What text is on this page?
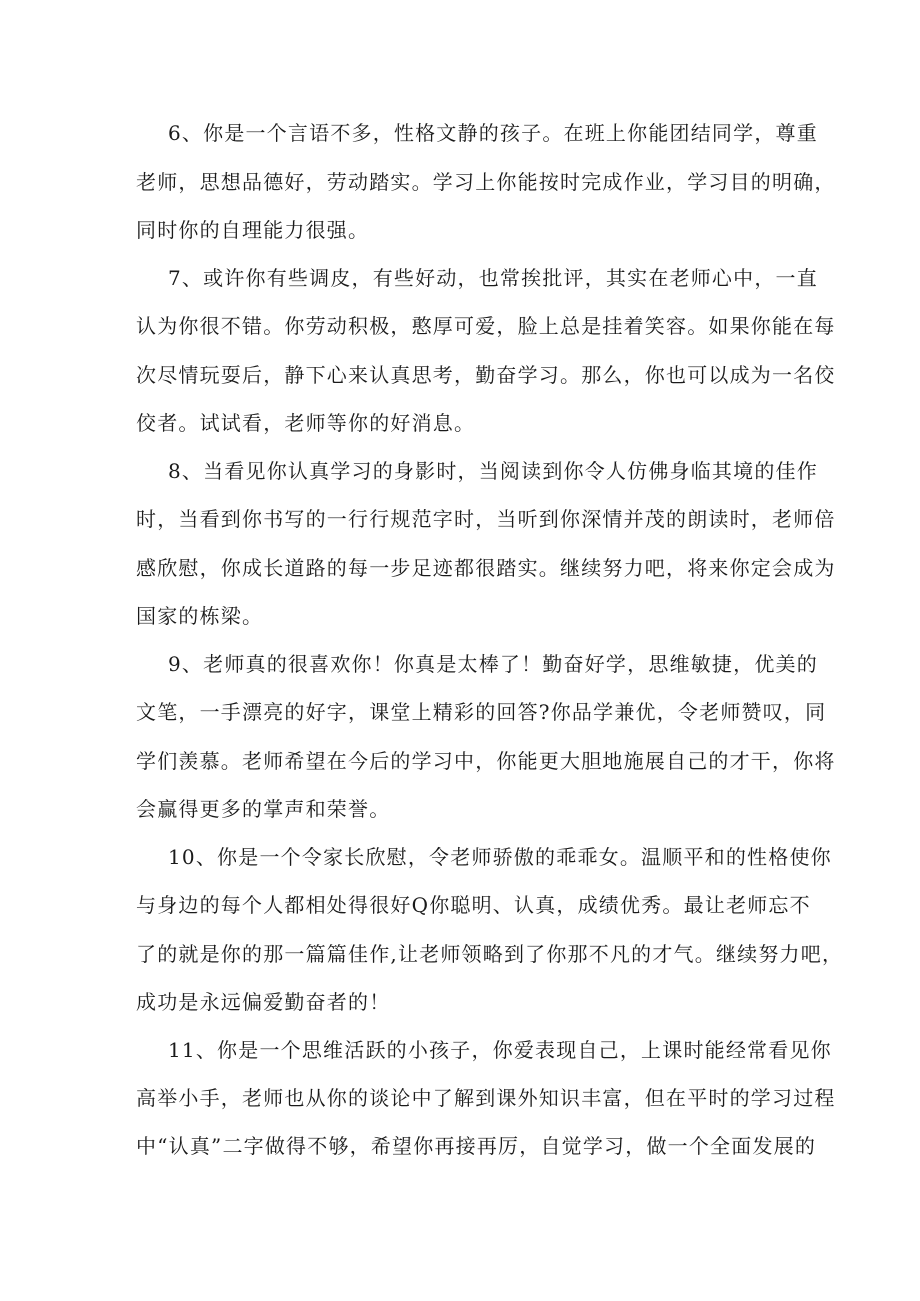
6、你是一个言语不多，性格文静的孩子。在班上你能团结同学，尊重

老师，思想品德好，劳动踏实。学习上你能按时完成作业，学习目的明确，

同时你的自理能力很强。

7、或许你有些调皮，有些好动，也常挨批评，其实在老师心中，一直

认为你很不错。你劳动积极，憨厚可爱，脸上总是挂着笑容。如果你能在每

次尽情玩耍后，静下心来认真思考，勤奋学习。那么，你也可以成为一名佼

佼者。试试看，老师等你的好消息。

8、当看见你认真学习的身影时，当阅读到你令人仿佛身临其境的佳作

时，当看到你书写的一行行规范字时，当听到你深情并茂的朗读时，老师倍

感欣慰，你成长道路的每一步足迹都很踏实。继续努力吧，将来你定会成为

国家的栋梁。

9、老师真的很喜欢你！你真是太棒了！勤奋好学，思维敏捷，优美的

文笔，一手漂亮的好字，课堂上精彩的回答?你品学兼优，令老师赞叹，同

学们羡慕。老师希望在今后的学习中，你能更大胆地施展自己的才干，你将

会赢得更多的掌声和荣誉。

10、你是一个令家长欣慰，令老师骄傲的乖乖女。温顺平和的性格使你

与身边的每个人都相处得很好Q你聪明、认真，成绩优秀。最让老师忘不

了的就是你的那一篇篇佳作,让老师领略到了你那不凡的才气。继续努力吧，

成功是永远偏爱勤奋者的！

11、你是一个思维活跃的小孩子，你爱表现自己，上课时能经常看见你

高举小手，老师也从你的谈论中了解到课外知识丰富，但在平时的学习过程

中“认真”二字做得不够，希望你再接再厉，自觉学习，做一个全面发展的
